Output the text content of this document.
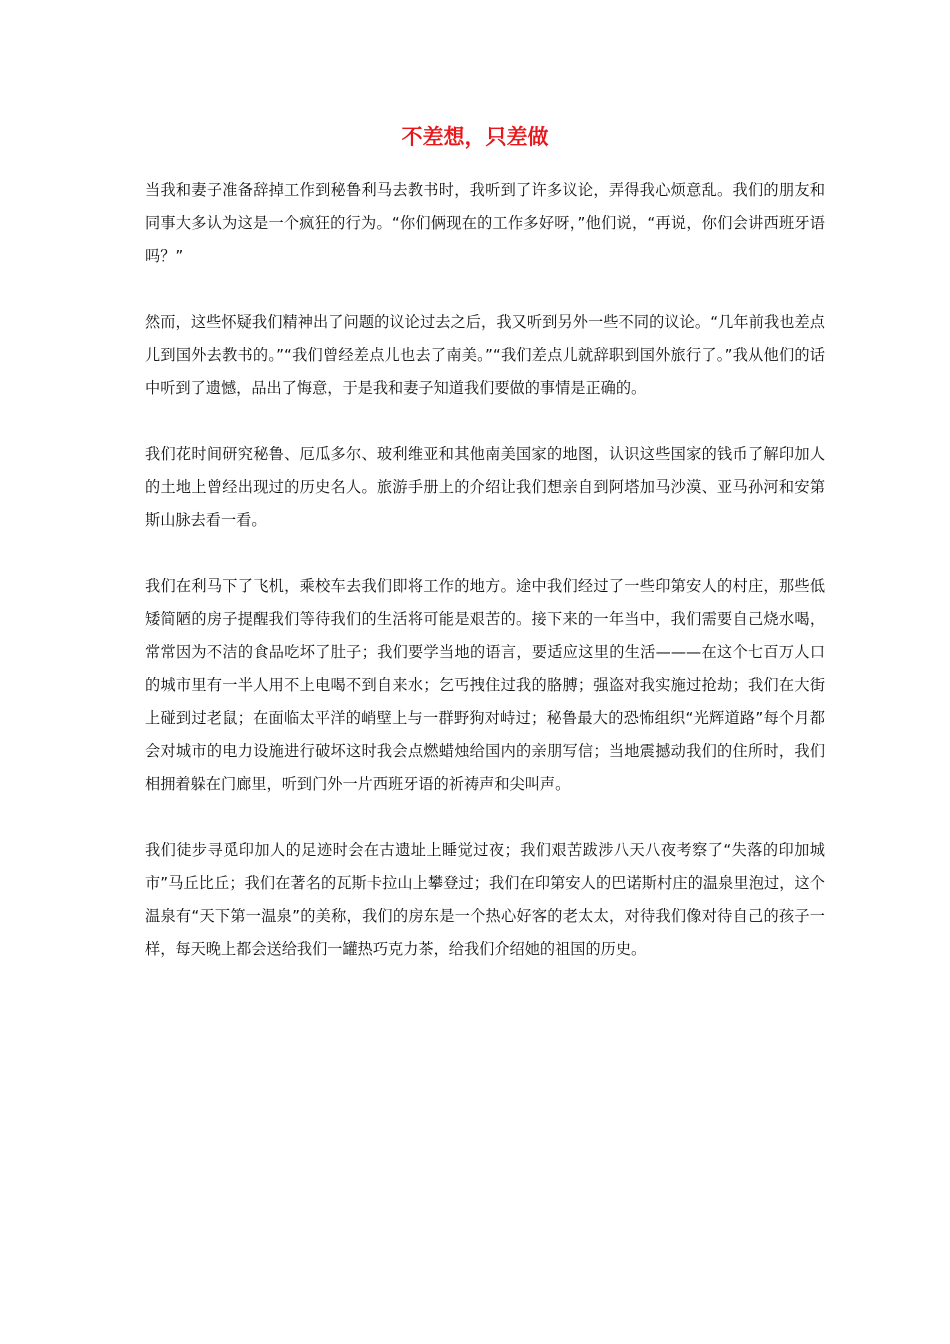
不差想，只差做

当我和妻子准备辞掉工作到秘鲁利马去教书时，我听到了许多议论，弄得我心烦意乱。我们的朋友和同事大多认为这是一个疯狂的行为。“你们俩现在的工作多好呀，”他们说，“再说，你们会讲西班牙语吗？”

然而，这些怀疑我们精神出了问题的议论过去之后，我又听到另外一些不同的议论。“几年前我也差点儿到国外去教书的。”“我们曾经差点儿也去了南美。”“我们差点儿就辞职到国外旅行了。”我从他们的话中听到了遗憾，品出了悔意，于是我和妻子知道我们要做的事情是正确的。

我们花时间研究秘鲁、厄瓜多尔、玻利维亚和其他南美国家的地图，认识这些国家的钱币了解印加人的土地上曾经出现过的历史名人。旅游手册上的介绍让我们想亲自到阿塔加马沙漠、亚马孙河和安第斯山脉去看一看。

我们在利马下了飞机，乘校车去我们即将工作的地方。途中我们经过了一些印第安人的村庄，那些低矮简陋的房子提醒我们等待我们的生活将可能是艰苦的。接下来的一年当中，我们需要自己烧水喝，常常因为不洁的食品吃坏了肚子；我们要学当地的语言，要适应这里的生活———在这个七百万人口的城市里有一半人用不上电喝不到自来水；乞丐拽住过我的胳膊；强盗对我实施过抢劫；我们在大街上碰到过老鼠；在面临太平洋的峭壁上与一群野狗对峙过；秘鲁最大的恐怖组织“光辉道路”每个月都会对城市的电力设施进行破坏这时我会点燃蜡烛给国内的亲朋写信；当地震撼动我们的住所时，我们相拥着躲在门廊里，听到门外一片西班牙语的祈祷声和尖叫声。

我们徒步寻觅印加人的足迹时会在古遗址上睡觉过夜；我们艰苦跋涉八天八夜考察了“失落的印加城市”马丘比丘；我们在著名的瓦斯卡拉山上攀登过；我们在印第安人的巴诺斯村庄的温泉里泡过，这个温泉有“天下第一温泉”的美称，我们的房东是一个热心好客的老太太，对待我们像对待自己的孩子一样，每天晚上都会送给我们一罐热巧克力茶，给我们介绍她的祖国的历史。
